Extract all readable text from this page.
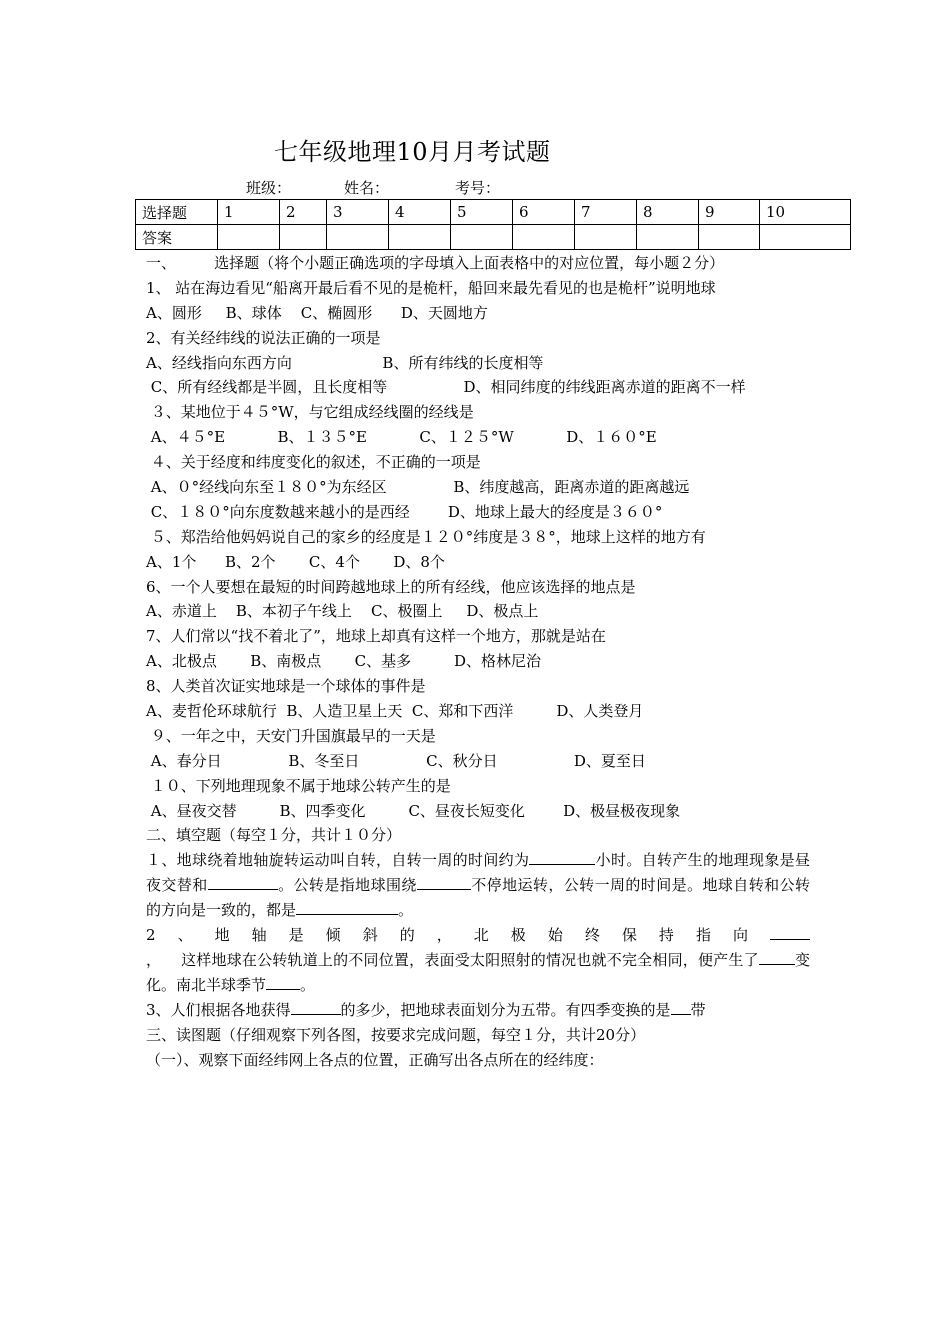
七年级地理10月月考试题
班级：	姓名：	考号：
选择题	1	2	3	4	5	6	7	8	9	10
答案										
一、        选择题（将个小题正确选项的字母填入上面表格中的对应位置，每小题２分）
1、 站在海边看见“船离开最后看不见的是桅杆，船回来最先看见的也是桅杆”说明地球
A、圆形     B、球体    C、椭圆形      D、天圆地方
2、有关经纬线的说法正确的一项是
A、经线指向东西方向                   B、所有纬线的长度相等
C、所有经线都是半圆，且长度相等                D、相同纬度的纬线距离赤道的距离不一样
３、某地位于４５°W，与它组成经线圈的经线是
A、４５°E           B、１３５°E           C、１２５°W           D、１６０°E
４、关于经度和纬度变化的叙述，不正确的一项是
A、０°经线向东至１８０°为东经区              B、纬度越高，距离赤道的距离越远
C、１８０°向东度数越来越小的是西经        D、地球上最大的经度是３６０°
５、郑浩给他妈妈说自己的家乡的经度是１２０°纬度是３８°，地球上这样的地方有
A、1个      B、2个       C、4个       D、8个
6、一个人要想在最短的时间跨越地球上的所有经线，他应该选择的地点是
A、赤道上    B、本初子午线上    C、极圈上     D、极点上
7、人们常以“找不着北了”，地球上却真有这样一个地方，那就是站在
A、北极点       B、南极点       C、基多         D、格林尼治
8、人类首次证实地球是一个球体的事件是
A、麦哲伦环球航行  B、人造卫星上天  C、郑和下西洋         D、人类登月
９、一年之中，天安门升国旗最早的一天是
A、春分日              B、冬至日              C、秋分日                D、夏至日
１０、下列地理现象不属于地球公转产生的是
A、昼夜交替         B、四季变化         C、昼夜长短变化        D、极昼极夜现象
二、填空题（每空１分，共计１０分）
１、地球绕着地轴旋转运动叫自转，自转一周的时间约为	小时。自转产生的地理现象是昼夜交替和	。公转是指地球围绕	不停地运转，公转一周的时间是。地球自转和公转的方向是一致的，都是	。
2、地轴是倾斜的，北极始终保持指向，    这样地球在公转轨道上的不同位置，表面受太阳照射的情况也就不完全相同，便产生了 变化。南北半球季节 。
3、人们根据各地获得	的多少，把地球表面划分为五带。有四季变换的是 带
三、读图题（仔细观察下列各图，按要求完成问题，每空１分，共计20分）
（一）、观察下面经纬网上各点的位置，正确写出各点所在的经纬度：
